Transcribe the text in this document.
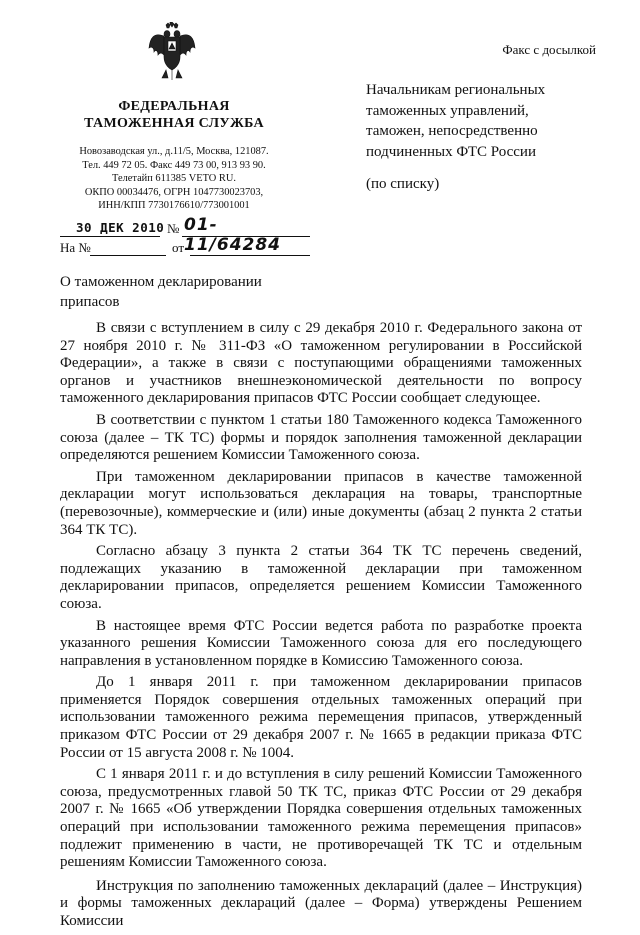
ФЕДЕРАЛЬНАЯ
ТАМОЖЕННАЯ СЛУЖБА
Новозаводская ул., д.11/5, Москва, 121087.
Тел. 449 72 05. Факс 449 73 00, 913 93 90.
Телетайп 611385 VETO RU.
ОКПО 00034476, ОГРН 1047730023703,
ИНН/КПП 7730176610/773001001
Факс с досылкой
Начальникам региональных
таможенных управлений,
таможен, непосредственно
подчиненных ФТС России
(по списку)
30 ДЕК 2010 № 01-11/64284
На №	от
О таможенном декларировании
припасов

В связи с вступлением в силу с 29 декабря 2010 г. Федерального закона от 27 ноября 2010 г. № 311-ФЗ «О таможенном регулировании в Российской Федерации», а также в связи с поступающими обращениями таможенных органов и участников внешнеэкономической деятельности по вопросу таможенного декларирования припасов ФТС России сообщает следующее.

В соответствии с пунктом 1 статьи 180 Таможенного кодекса Таможенного союза (далее – ТК ТС) формы и порядок заполнения таможенной декларации определяются решением Комиссии Таможенного союза.

При таможенном декларировании припасов в качестве таможенной декларации могут использоваться декларация на товары, транспортные (перевозочные), коммерческие и (или) иные документы (абзац 2 пункта 2 статьи 364 ТК ТС).

Согласно абзацу 3 пункта 2 статьи 364 ТК ТС перечень сведений, подлежащих указанию в таможенной декларации при таможенном декларировании припасов, определяется решением Комиссии Таможенного союза.

В настоящее время ФТС России ведется работа по разработке проекта указанного решения Комиссии Таможенного союза для его последующего направления в установленном порядке в Комиссию Таможенного союза.

До 1 января 2011 г. при таможенном декларировании припасов применяется Порядок совершения отдельных таможенных операций при использовании таможенного режима перемещения припасов, утвержденный приказом ФТС России от 29 декабря 2007 г. № 1665 в редакции приказа ФТС России от 15 августа 2008 г. № 1004.

С 1 января 2011 г. и до вступления в силу решений Комиссии Таможенного союза, предусмотренных главой 50 ТК ТС, приказ ФТС России от 29 декабря 2007 г. № 1665 «Об утверждении Порядка совершения отдельных таможенных операций при использовании таможенного режима перемещения припасов» подлежит применению в части, не противоречащей ТК ТС и отдельным решениям Комиссии Таможенного союза.

Инструкция по заполнению таможенных деклараций (далее – Инструкция) и формы таможенных деклараций (далее – Форма) утверждены Решением Комиссии
